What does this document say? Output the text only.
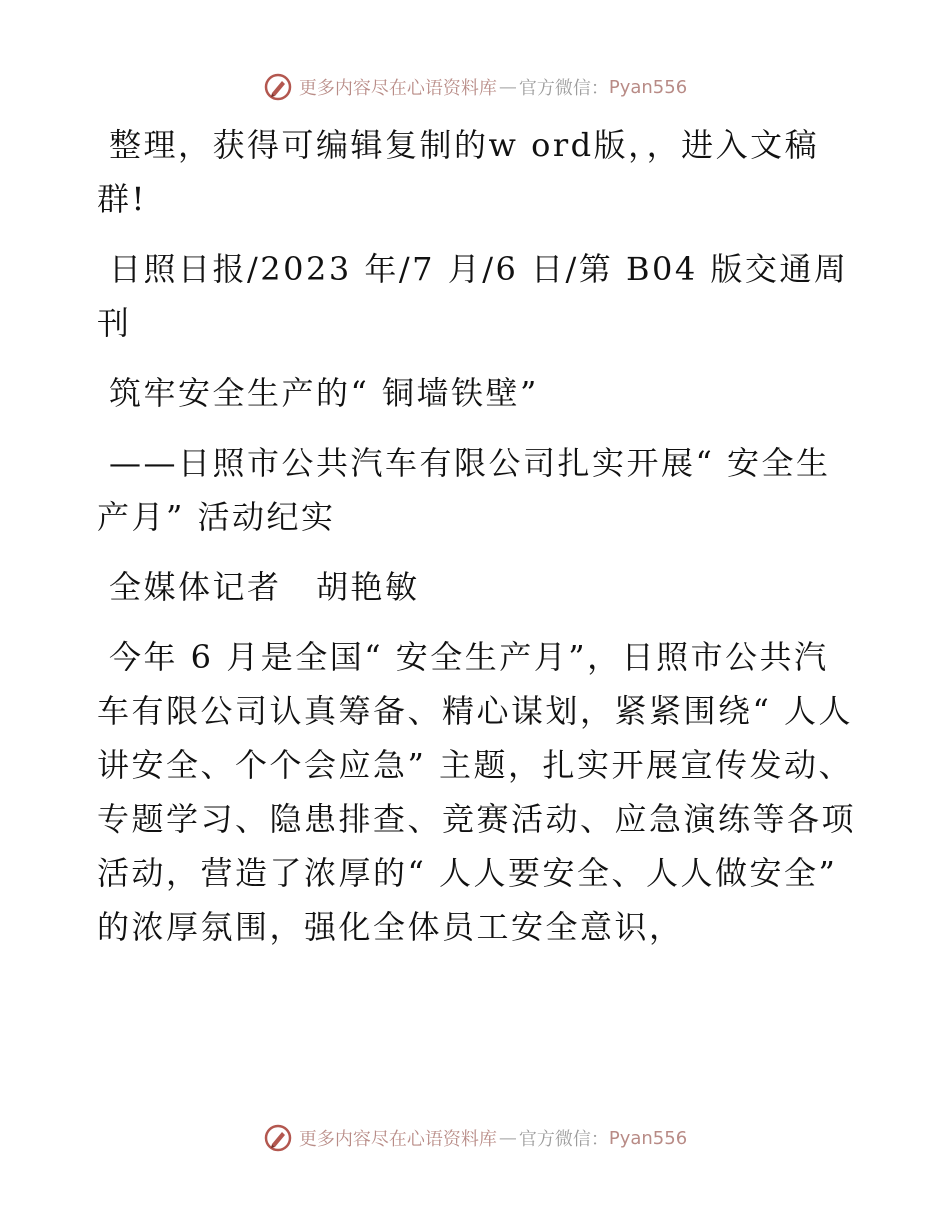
更多内容尽在心语资料库 — 官方微信： Pyan556

整理，获得可编辑复制的w ord版，，进入文稿群!

日照日报/2023 年/7 月/6 日/第 B04 版交通周刊

筑牢安全生产的“ 铜墙铁壁”

——日照市公共汽车有限公司扎实开展“ 安全生产月” 活动纪实

全媒体记者　胡艳敏

今年 6 月是全国“ 安全生产月”，日照市公共汽车有限公司认真筹备、精心谋划，紧紧围绕“ 人人讲安全、个个会应急” 主题，扎实开展宣传发动、专题学习、隐患排查、竞赛活动、应急演练等各项活动，营造了浓厚的“ 人人要安全、人人做安全” 的浓厚氛围，强化全体员工安全意识，

更多内容尽在心语资料库 — 官方微信： Pyan556
